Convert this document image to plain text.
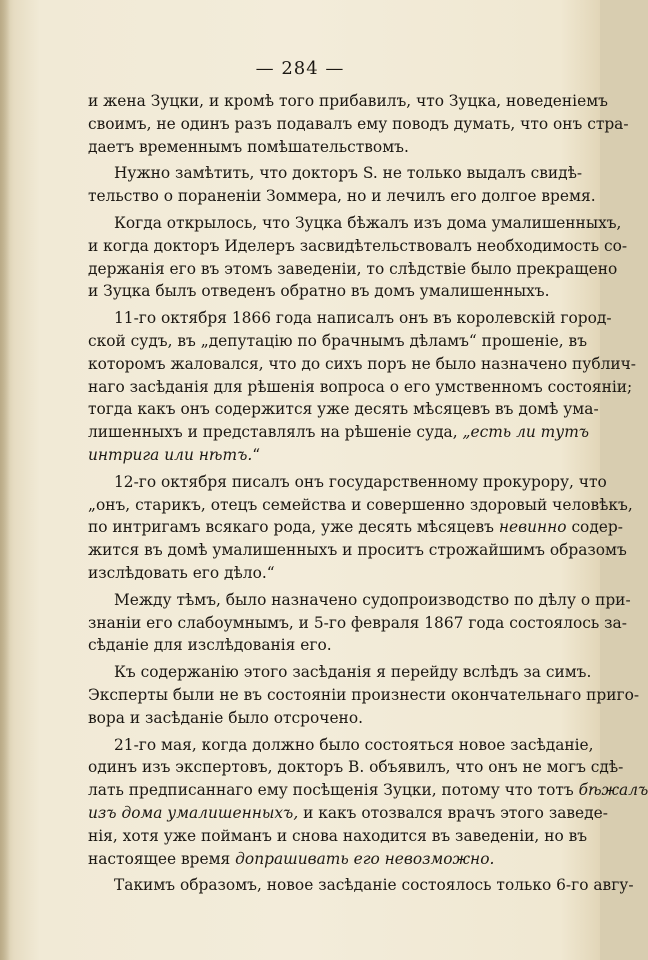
— 284 —
и жена Зуцки, и кромѣ того прибавилъ, что Зуцка, новеденіемъ
своимъ, не одинъ разъ подавалъ ему поводъ думать, что онъ стра-
даетъ временнымъ помѣшательствомъ.
Нужно замѣтить, что докторъ S. не только выдалъ свидѣ-
тельство о пораненіи Зоммера, но и лечилъ его долгое время.
Когда открылось, что Зуцка бѣжалъ изъ дома умалишенныхъ,
и когда докторъ Иделеръ засвидѣтельствовалъ необходимость со-
держанія его въ этомъ заведеніи, то слѣдствіе было прекращено
и Зуцка былъ отведенъ обратно въ домъ умалишенныхъ.
11-го октября 1866 года написалъ онъ въ королевскій город-
ской судъ, въ „депутацію по брачнымъ дѣламъ“ прошеніе, въ
которомъ жаловался, что до сихъ поръ не было назначено публич-
наго засѣданія для рѣшенія вопроса о его умственномъ состояніи;
тогда какъ онъ содержится уже десять мѣсяцевъ въ домѣ ума-
лишенныхъ и представлялъ на рѣшеніе суда, „есть ли тутъ
интрига или нѣтъ.“
12-го октября писалъ онъ государственному прокурору, что
„онъ, старикъ, отецъ семейства и совершенно здоровый человѣкъ,
по интригамъ всякаго рода, уже десять мѣсяцевъ невинно содер-
жится въ домѣ умалишенныхъ и проситъ строжайшимъ образомъ
изслѣдовать его дѣло.“
Между тѣмъ, было назначено судопроизводство по дѣлу о при-
знаніи его слабоумнымъ, и 5-го февраля 1867 года состоялось за-
сѣданіе для изслѣдованія его.
Къ содержанію этого засѣданія я перейду вслѣдъ за симъ.
Эксперты были не въ состояніи произнести окончательнаго приго-
вора и засѣданіе было отсрочено.
21-го мая, когда должно было состояться новое засѣданіе,
одинъ изъ экспертовъ, докторъ В. объявилъ, что онъ не могъ сдѣ-
лать предписаннаго ему посѣщенія Зуцки, потому что тотъ бѣжалъ
изъ дома умалишенныхъ, и какъ отозвался врачъ этого заведе-
нія, хотя уже пойманъ и снова находится въ заведеніи, но въ
настоящее время допрашивать его невозможно.
Такимъ образомъ, новое засѣданіе состоялось только 6-го авгу-
